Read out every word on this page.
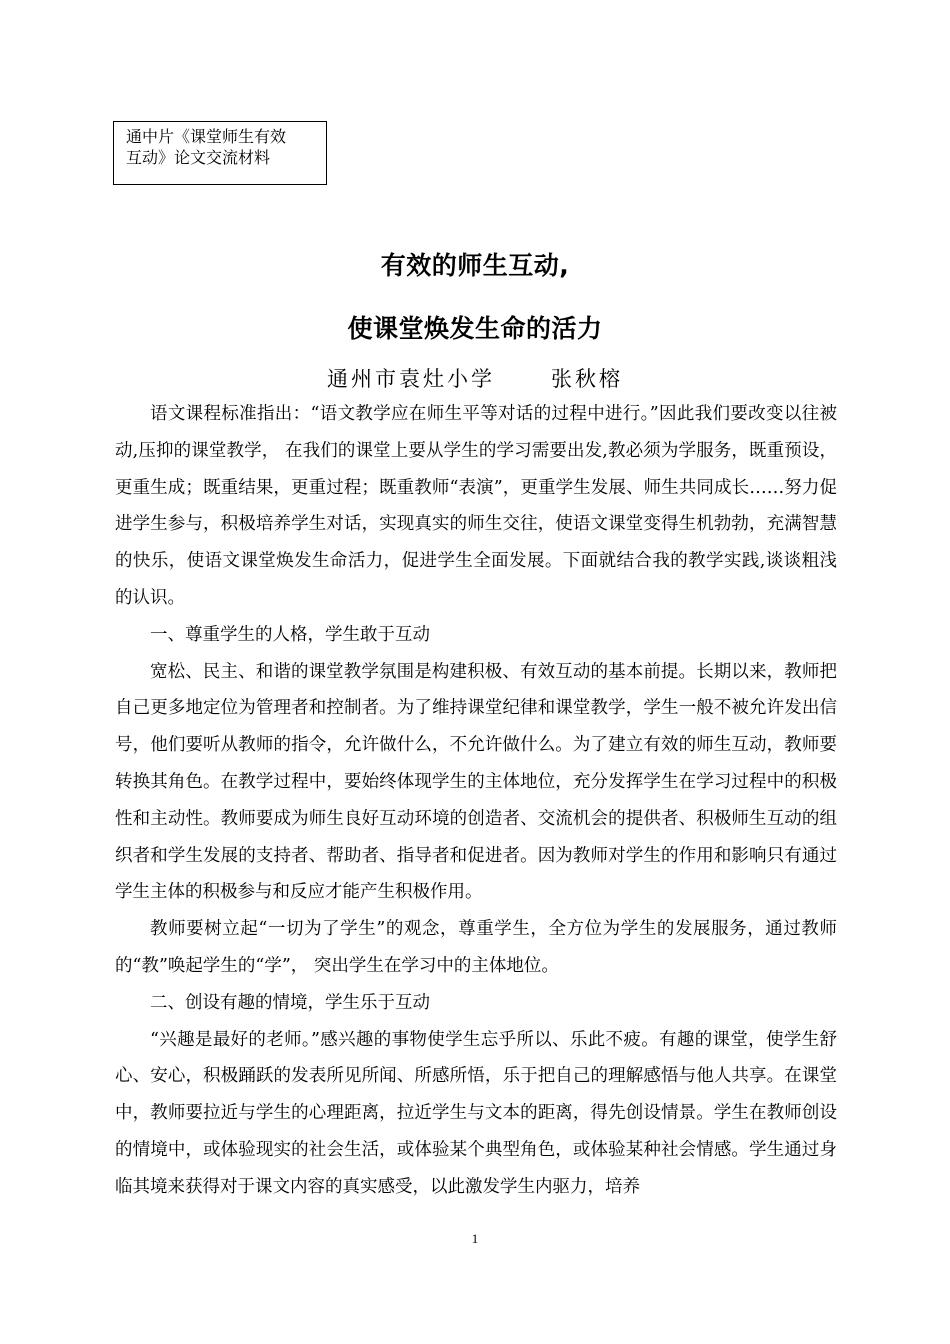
通中片《课堂师生有效
互动》论文交流材料
有效的师生互动,
使课堂焕发生命的活力
通州市袁灶小学	张秋榕

语文课程标准指出：“语文教学应在师生平等对话的过程中进行。”因此我们要改变以往被动,压抑的课堂教学， 在我们的课堂上要从学生的学习需要出发,教必须为学服务，既重预设，更重生成；既重结果，更重过程；既重教师“表演”，更重学生发展、师生共同成长……努力促进学生参与，积极培养学生对话，实现真实的师生交往，使语文课堂变得生机勃勃，充满智慧的快乐，使语文课堂焕发生命活力，促进学生全面发展。下面就结合我的教学实践,谈谈粗浅的认识。

一、尊重学生的人格，学生敢于互动

宽松、民主、和谐的课堂教学氛围是构建积极、有效互动的基本前提。长期以来，教师把自己更多地定位为管理者和控制者。为了维持课堂纪律和课堂教学，学生一般不被允许发出信号，他们要听从教师的指令，允许做什么，不允许做什么。为了建立有效的师生互动，教师要转换其角色。在教学过程中，要始终体现学生的主体地位，充分发挥学生在学习过程中的积极性和主动性。教师要成为师生良好互动环境的创造者、交流机会的提供者、积极师生互动的组织者和学生发展的支持者、帮助者、指导者和促进者。因为教师对学生的作用和影响只有通过学生主体的积极参与和反应才能产生积极作用。

教师要树立起“一切为了学生”的观念，尊重学生，全方位为学生的发展服务，通过教师的“教”唤起学生的“学”， 突出学生在学习中的主体地位。

二、创设有趣的情境，学生乐于互动

“兴趣是最好的老师。”感兴趣的事物使学生忘乎所以、乐此不疲。有趣的课堂，使学生舒心、安心，积极踊跃的发表所见所闻、所感所悟，乐于把自己的理解感悟与他人共享。在课堂中，教师要拉近与学生的心理距离，拉近学生与文本的距离，得先创设情景。学生在教师创设的情境中，或体验现实的社会生活，或体验某个典型角色，或体验某种社会情感。学生通过身临其境来获得对于课文内容的真实感受，以此激发学生内驱力，培养

1
